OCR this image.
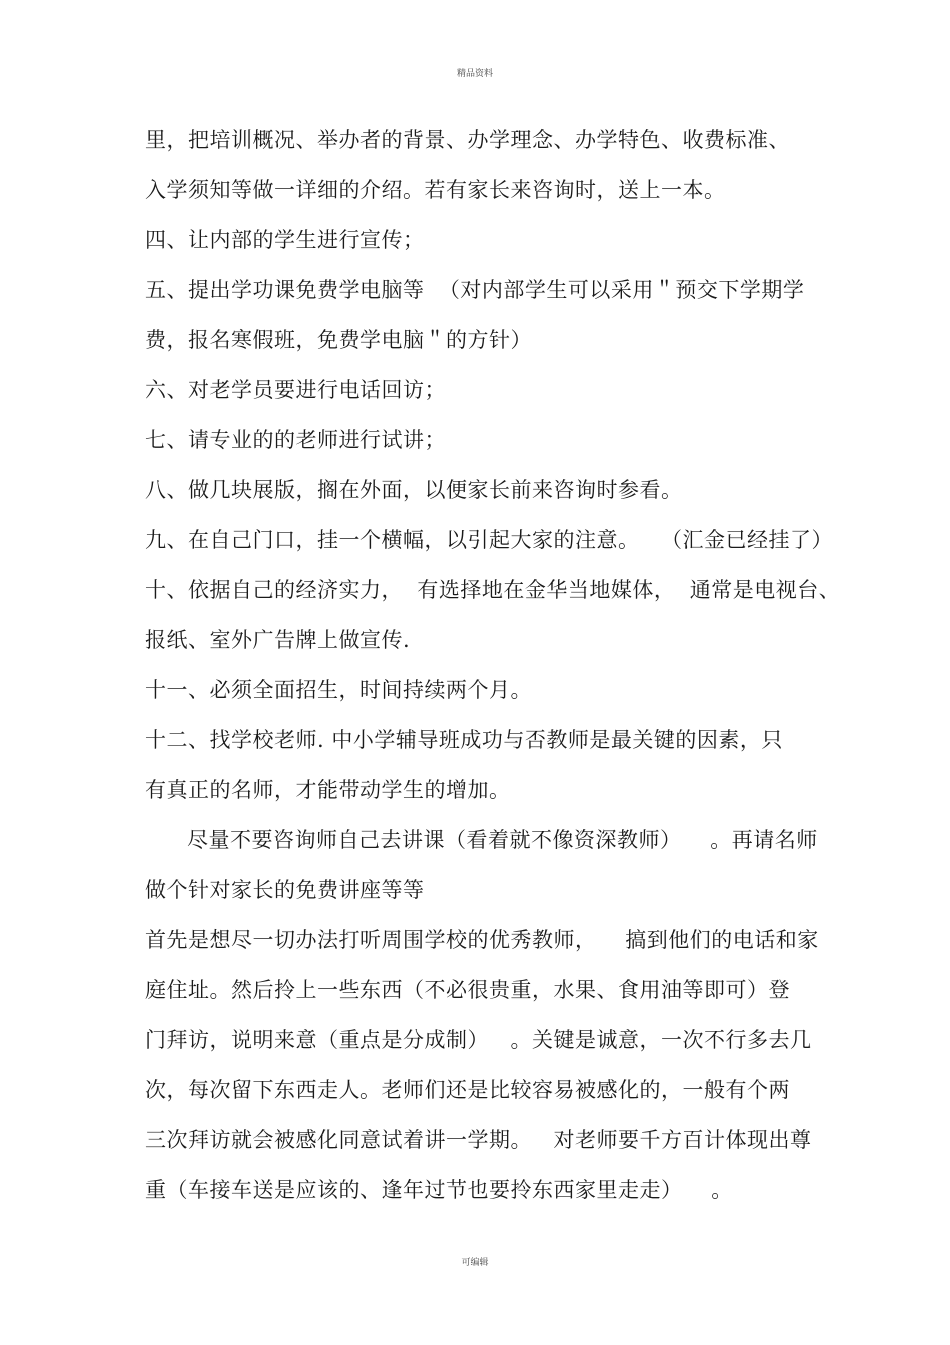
精品资料
里，把培训概况、举办者的背景、办学理念、办学特色、收费标准、
入学须知等做一详细的介绍。若有家长来咨询时，送上一本。
四、让内部的学生进行宣传；
五、提出学功课免费学电脑等  （对内部学生可以采用＂预交下学期学
费，报名寒假班，免费学电脑＂的方针）
六、对老学员要进行电话回访；
七、请专业的的老师进行试讲；
八、做几块展版，搁在外面，以便家长前来咨询时参看。
九、在自己门口，挂一个横幅，以引起大家的注意。   （汇金已经挂了）
十、依据自己的经济实力，  有选择地在金华当地媒体，  通常是电视台、
报纸、室外广告牌上做宣传.
十一、必须全面招生，时间持续两个月。
十二、找学校老师. 中小学辅导班成功与否教师是最关键的因素，只
有真正的名师，才能带动学生的增加。
尽量不要咨询师自己去讲课（看着就不像资深教师）    。再请名师
做个针对家长的免费讲座等等
首先是想尽一切办法打听周围学校的优秀教师，    搞到他们的电话和家
庭住址。然后拎上一些东西（不必很贵重，水果、食用油等即可）登
门拜访，说明来意（重点是分成制）   。关键是诚意，一次不行多去几
次，每次留下东西走人。老师们还是比较容易被感化的，一般有个两
三次拜访就会被感化同意试着讲一学期。   对老师要千方百计体现出尊
重（车接车送是应该的、逢年过节也要拎东西家里走走）    。
可编辑
